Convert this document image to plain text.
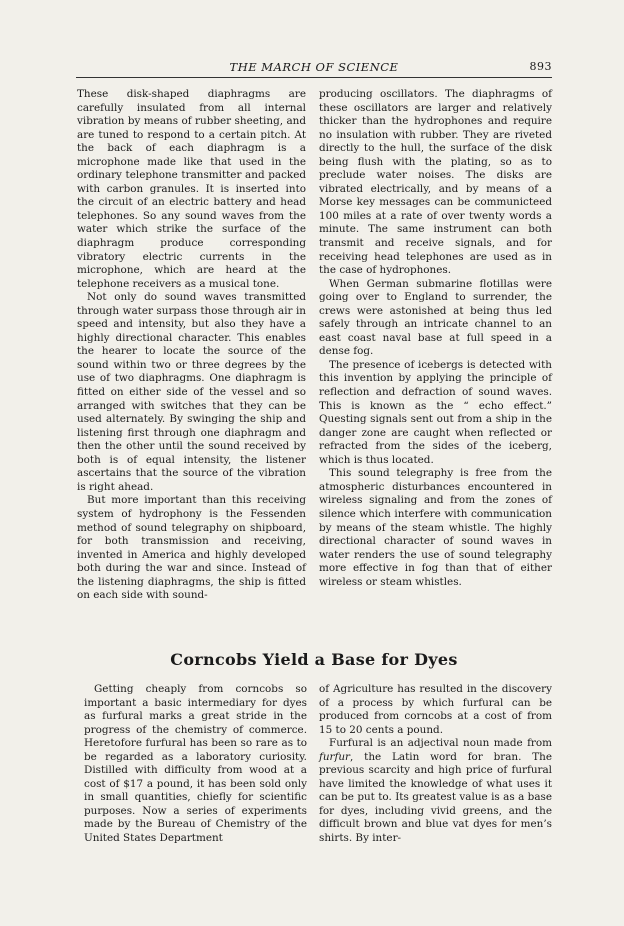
THE MARCH OF SCIENCE	893

These disk-shaped diaphragms are carefully insulated from all internal vibration by means of rubber sheeting, and are tuned to respond to a certain pitch. At the back of each diaphragm is a microphone made like that used in the ordinary telephone transmitter and packed with carbon granules. It is inserted into the circuit of an electric battery and head telephones. So any sound waves from the water which strike the surface of the diaphragm produce corresponding vibratory electric currents in the microphone, which are heard at the telephone receivers as a musical tone.

Not only do sound waves transmitted through water surpass those through air in speed and intensity, but also they have a highly directional character. This enables the hearer to locate the source of the sound within two or three degrees by the use of two diaphragms. One diaphragm is fitted on either side of the vessel and so arranged with switches that they can be used alternately. By swinging the ship and listening first through one diaphragm and then the other until the sound received by both is of equal intensity, the listener ascertains that the source of the vibration is right ahead.

But more important than this receiving system of hydrophony is the Fessenden method of sound telegraphy on shipboard, for both transmission and receiving, invented in America and highly developed both during the war and since. Instead of the listening diaphragms, the ship is fitted on each side with sound-

producing oscillators. The diaphragms of these oscillators are larger and relatively thicker than the hydrophones and require no insulation with rubber. They are riveted directly to the hull, the surface of the disk being flush with the plating, so as to preclude water noises. The disks are vibrated electrically, and by means of a Morse key messages can be communicteed 100 miles at a rate of over twenty words a minute. The same instrument can both transmit and receive signals, and for receiving head telephones are used as in the case of hydrophones.

When German submarine flotillas were going over to England to surrender, the crews were astonished at being thus led safely through an intricate channel to an east coast naval base at full speed in a dense fog.

The presence of icebergs is detected with this invention by applying the principle of reflection and defraction of sound waves. This is known as the “ echo effect.” Questing signals sent out from a ship in the danger zone are caught when reflected or refracted from the sides of the iceberg, which is thus located.

This sound telegraphy is free from the atmospheric disturbances encountered in wireless signaling and from the zones of silence which interfere with communication by means of the steam whistle. The highly directional character of sound waves in water renders the use of sound telegraphy more effective in fog than that of either wireless or steam whistles.

Corncobs Yield a Base for Dyes

Getting cheaply from corncobs so important a basic intermediary for dyes as furfural marks a great stride in the progress of the chemistry of commerce. Heretofore furfural has been so rare as to be regarded as a laboratory curiosity. Distilled with difficulty from wood at a cost of $17 a pound, it has been sold only in small quantities, chiefly for scientific purposes. Now a series of experiments made by the Bureau of Chemistry of the United States Department

of Agriculture has resulted in the discovery of a process by which furfural can be produced from corncobs at a cost of from 15 to 20 cents a pound.

Furfural is an adjectival noun made from furfur, the Latin word for bran. The previous scarcity and high price of furfural have limited the knowledge of what uses it can be put to. Its greatest value is as a base for dyes, including vivid greens, and the difficult brown and blue vat dyes for men’s shirts. By inter-
